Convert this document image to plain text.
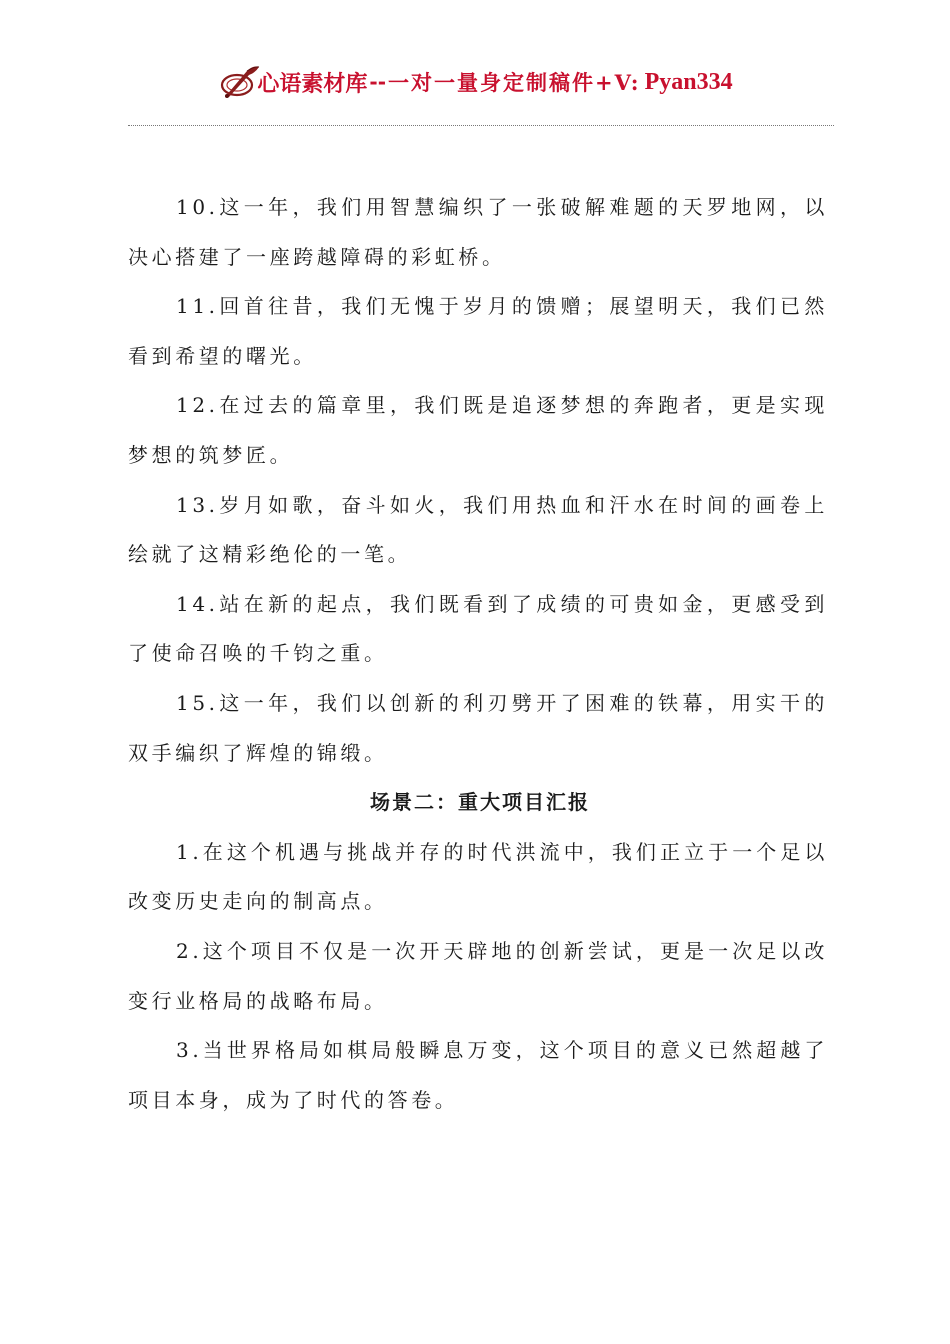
心语素材库 -- 一对一量身定制稿件+V: Pyan334

10.这一年，我们用智慧编织了一张破解难题的天罗地网，以决心搭建了一座跨越障碍的彩虹桥。

11.回首往昔，我们无愧于岁月的馈赠；展望明天，我们已然看到希望的曙光。

12.在过去的篇章里，我们既是追逐梦想的奔跑者，更是实现梦想的筑梦匠。

13.岁月如歌，奋斗如火，我们用热血和汗水在时间的画卷上绘就了这精彩绝伦的一笔。

14.站在新的起点，我们既看到了成绩的可贵如金，更感受到了使命召唤的千钧之重。

15.这一年，我们以创新的利刃劈开了困难的铁幕，用实干的双手编织了辉煌的锦缎。

场景二：重大项目汇报

1.在这个机遇与挑战并存的时代洪流中，我们正立于一个足以改变历史走向的制高点。

2.这个项目不仅是一次开天辟地的创新尝试，更是一次足以改变行业格局的战略布局。

3.当世界格局如棋局般瞬息万变，这个项目的意义已然超越了项目本身，成为了时代的答卷。
